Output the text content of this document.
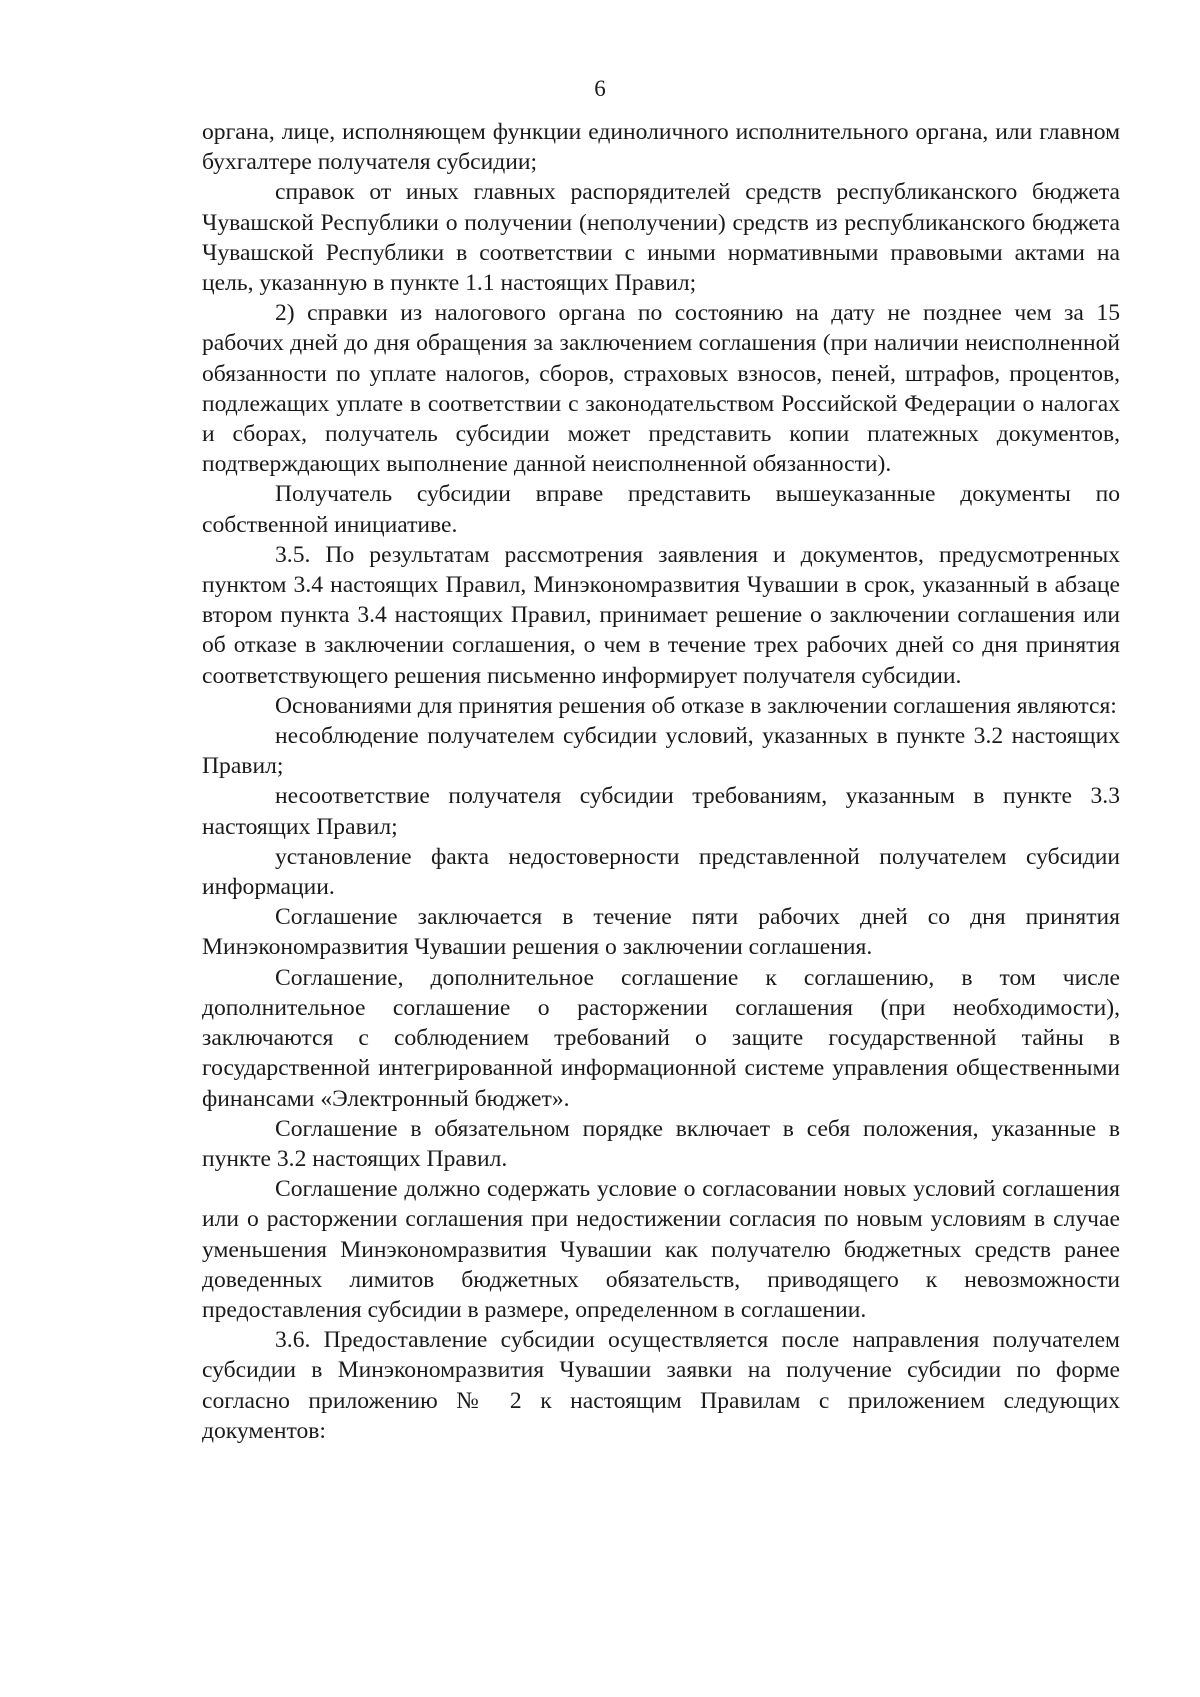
6

органа, лице, исполняющем функции единоличного исполнительного органа, или главном бухгалтере получателя субсидии;

справок от иных главных распорядителей средств республиканского бюджета Чувашской Республики о получении (неполучении) средств из республиканского бюджета Чувашской Республики в соответствии с иными нормативными правовыми актами на цель, указанную в пункте 1.1 настоящих Правил;

2) справки из налогового органа по состоянию на дату не позднее чем за 15 рабочих дней до дня обращения за заключением соглашения (при наличии неисполненной обязанности по уплате налогов, сборов, страховых взносов, пеней, штрафов, процентов, подлежащих уплате в соответствии с законодательством Российской Федерации о налогах и сборах, получатель субсидии может представить копии платежных документов, подтверждающих выполнение данной неисполненной обязанности).

Получатель субсидии вправе представить вышеуказанные документы по собственной инициативе.

3.5. По результатам рассмотрения заявления и документов, предусмотренных пунктом 3.4 настоящих Правил, Минэкономразвития Чувашии в срок, указанный в абзаце втором пункта 3.4 настоящих Правил, принимает решение о заключении соглашения или об отказе в заключении соглашения, о чем в течение трех рабочих дней со дня принятия соответствующего решения письменно информирует получателя субсидии.

Основаниями для принятия решения об отказе в заключении соглашения являются:

несоблюдение получателем субсидии условий, указанных в пункте 3.2 настоящих Правил;

несоответствие получателя субсидии требованиям, указанным в пункте 3.3 настоящих Правил;

установление факта недостоверности представленной получателем субсидии информации.

Соглашение заключается в течение пяти рабочих дней со дня принятия Минэкономразвития Чувашии решения о заключении соглашения.

Соглашение, дополнительное соглашение к соглашению, в том числе дополнительное соглашение о расторжении соглашения (при необходимости), заключаются с соблюдением требований о защите государственной тайны в государственной интегрированной информационной системе управления общественными финансами «Электронный бюджет».

Соглашение в обязательном порядке включает в себя положения, указанные в пункте 3.2 настоящих Правил.

Соглашение должно содержать условие о согласовании новых условий соглашения или о расторжении соглашения при недостижении согласия по новым условиям в случае уменьшения Минэкономразвития Чувашии как получателю бюджетных средств ранее доведенных лимитов бюджетных обязательств, приводящего к невозможности предоставления субсидии в размере, определенном в соглашении.

3.6. Предоставление субсидии осуществляется после направления получателем субсидии в Минэкономразвития Чувашии заявки на получение субсидии по форме согласно приложению № 2 к настоящим Правилам с приложением следующих документов:
